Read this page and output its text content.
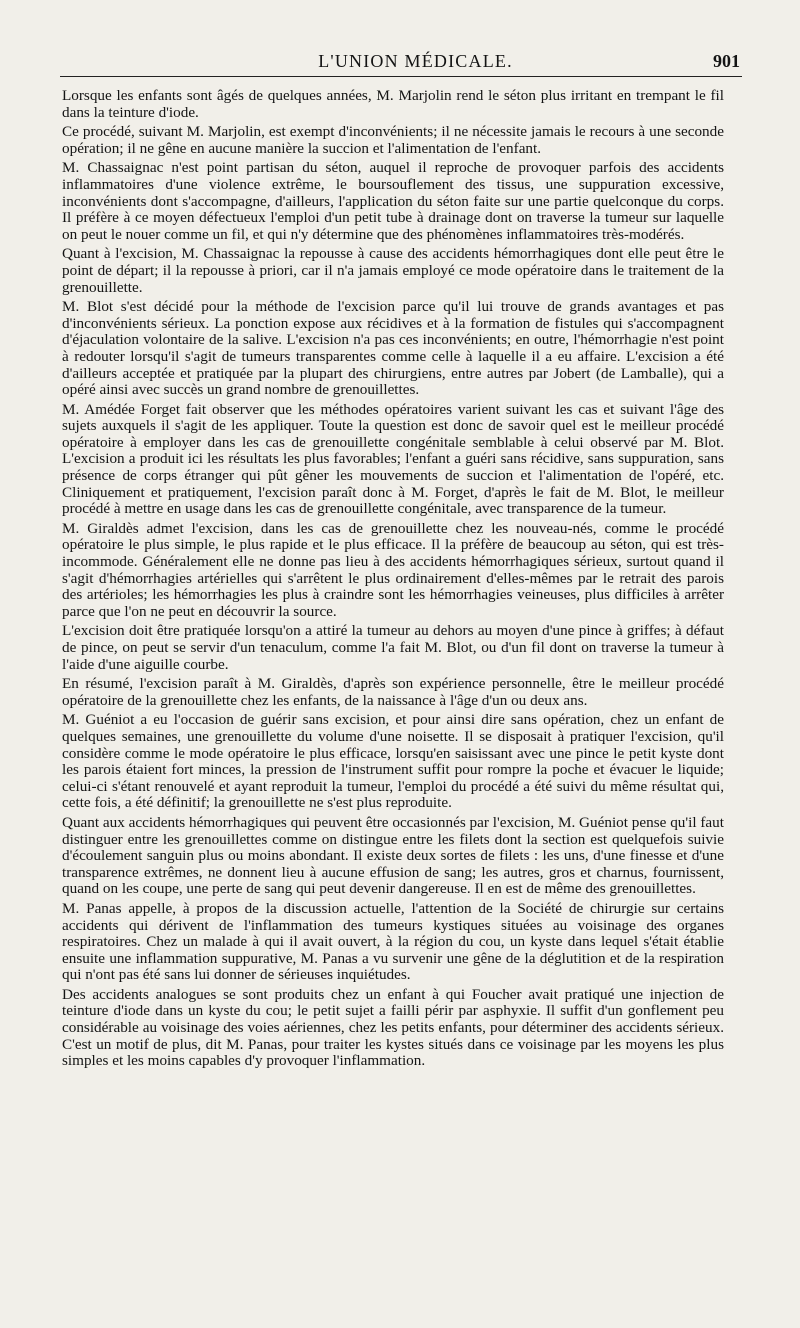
L'UNION MÉDICALE.	901

Lorsque les enfants sont âgés de quelques années, M. Marjolin rend le séton plus irritant en trempant le fil dans la teinture d'iode.

Ce procédé, suivant M. Marjolin, est exempt d'inconvénients; il ne nécessite jamais le recours à une seconde opération; il ne gêne en aucune manière la succion et l'alimentation de l'enfant.

M. Chassaignac n'est point partisan du séton, auquel il reproche de provoquer parfois des accidents inflammatoires d'une violence extrême, le boursouflement des tissus, une suppuration excessive, inconvénients dont s'accompagne, d'ailleurs, l'application du séton faite sur une partie quelconque du corps. Il préfère à ce moyen défectueux l'emploi d'un petit tube à drainage dont on traverse la tumeur sur laquelle on peut le nouer comme un fil, et qui n'y détermine que des phénomènes inflammatoires très-modérés.

Quant à l'excision, M. Chassaignac la repousse à cause des accidents hémorrhagiques dont elle peut être le point de départ; il la repousse à priori, car il n'a jamais employé ce mode opératoire dans le traitement de la grenouillette.

M. Blot s'est décidé pour la méthode de l'excision parce qu'il lui trouve de grands avantages et pas d'inconvénients sérieux. La ponction expose aux récidives et à la formation de fistules qui s'accompagnent d'éjaculation volontaire de la salive. L'excision n'a pas ces inconvénients; en outre, l'hémorrhagie n'est point à redouter lorsqu'il s'agit de tumeurs transparentes comme celle à laquelle il a eu affaire. L'excision a été d'ailleurs acceptée et pratiquée par la plupart des chirurgiens, entre autres par Jobert (de Lamballe), qui a opéré ainsi avec succès un grand nombre de grenouillettes.

M. Amédée Forget fait observer que les méthodes opératoires varient suivant les cas et suivant l'âge des sujets auxquels il s'agit de les appliquer. Toute la question est donc de savoir quel est le meilleur procédé opératoire à employer dans les cas de grenouillette congénitale semblable à celui observé par M. Blot. L'excision a produit ici les résultats les plus favorables; l'enfant a guéri sans récidive, sans suppuration, sans présence de corps étranger qui pût gêner les mouvements de succion et l'alimentation de l'opéré, etc. Cliniquement et pratiquement, l'excision paraît donc à M. Forget, d'après le fait de M. Blot, le meilleur procédé à mettre en usage dans les cas de grenouillette congénitale, avec transparence de la tumeur.

M. Giraldès admet l'excision, dans les cas de grenouillette chez les nouveau-nés, comme le procédé opératoire le plus simple, le plus rapide et le plus efficace. Il la préfère de beaucoup au séton, qui est très-incommode. Généralement elle ne donne pas lieu à des accidents hémorrhagiques sérieux, surtout quand il s'agit d'hémorrhagies artérielles qui s'arrêtent le plus ordinairement d'elles-mêmes par le retrait des parois des artérioles; les hémorrhagies les plus à craindre sont les hémorrhagies veineuses, plus difficiles à arrêter parce que l'on ne peut en découvrir la source.

L'excision doit être pratiquée lorsqu'on a attiré la tumeur au dehors au moyen d'une pince à griffes; à défaut de pince, on peut se servir d'un tenaculum, comme l'a fait M. Blot, ou d'un fil dont on traverse la tumeur à l'aide d'une aiguille courbe.

En résumé, l'excision paraît à M. Giraldès, d'après son expérience personnelle, être le meilleur procédé opératoire de la grenouillette chez les enfants, de la naissance à l'âge d'un ou deux ans.

M. Guéniot a eu l'occasion de guérir sans excision, et pour ainsi dire sans opération, chez un enfant de quelques semaines, une grenouillette du volume d'une noisette. Il se disposait à pratiquer l'excision, qu'il considère comme le mode opératoire le plus efficace, lorsqu'en saisissant avec une pince le petit kyste dont les parois étaient fort minces, la pression de l'instrument suffit pour rompre la poche et évacuer le liquide; celui-ci s'étant renouvelé et ayant reproduit la tumeur, l'emploi du procédé a été suivi du même résultat qui, cette fois, a été définitif; la grenouillette ne s'est plus reproduite.

Quant aux accidents hémorrhagiques qui peuvent être occasionnés par l'excision, M. Guéniot pense qu'il faut distinguer entre les grenouillettes comme on distingue entre les filets dont la section est quelquefois suivie d'écoulement sanguin plus ou moins abondant. Il existe deux sortes de filets : les uns, d'une finesse et d'une transparence extrêmes, ne donnent lieu à aucune effusion de sang; les autres, gros et charnus, fournissent, quand on les coupe, une perte de sang qui peut devenir dangereuse. Il en est de même des grenouillettes.

M. Panas appelle, à propos de la discussion actuelle, l'attention de la Société de chirurgie sur certains accidents qui dérivent de l'inflammation des tumeurs kystiques situées au voisinage des organes respiratoires. Chez un malade à qui il avait ouvert, à la région du cou, un kyste dans lequel s'était établie ensuite une inflammation suppurative, M. Panas a vu survenir une gêne de la déglutition et de la respiration qui n'ont pas été sans lui donner de sérieuses inquiétudes.

Des accidents analogues se sont produits chez un enfant à qui Foucher avait pratiqué une injection de teinture d'iode dans un kyste du cou; le petit sujet a failli périr par asphyxie. Il suffit d'un gonflement peu considérable au voisinage des voies aériennes, chez les petits enfants, pour déterminer des accidents sérieux. C'est un motif de plus, dit M. Panas, pour traiter les kystes situés dans ce voisinage par les moyens les plus simples et les moins capables d'y provoquer l'inflammation.
